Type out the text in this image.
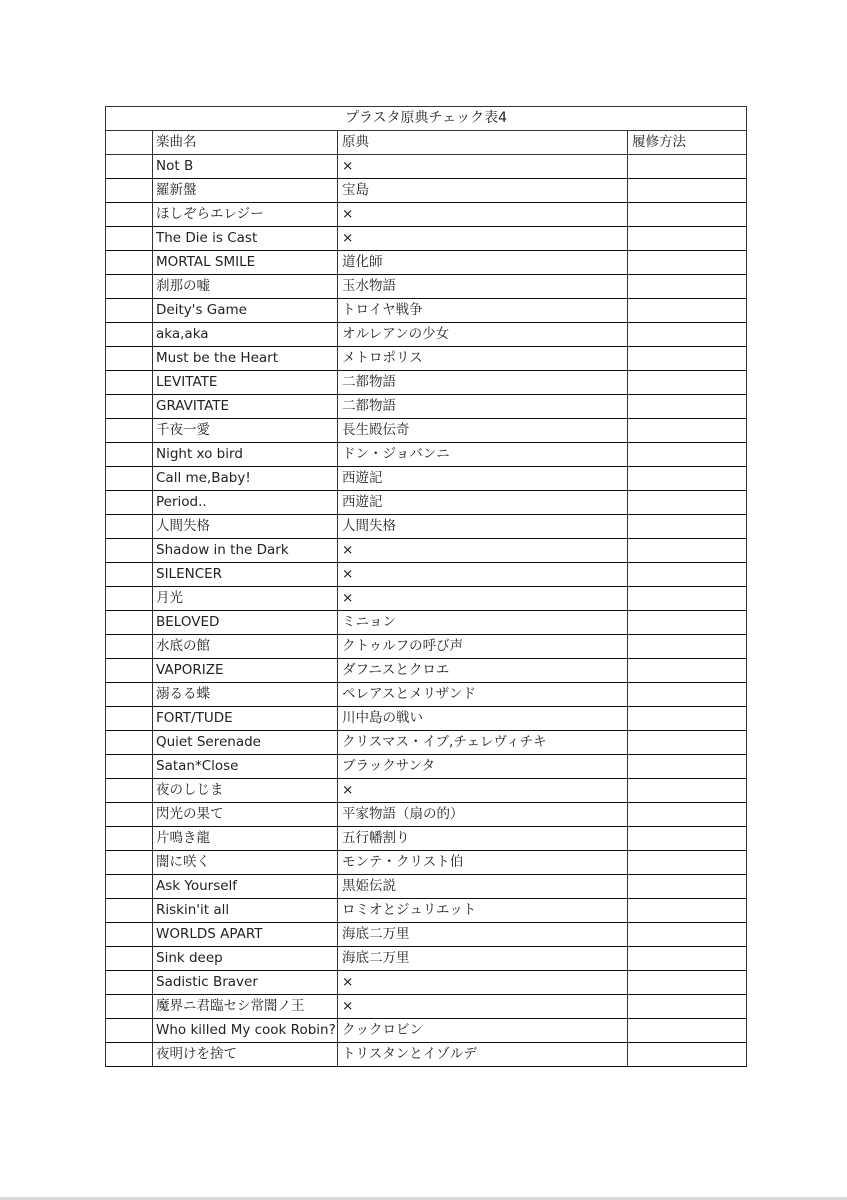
プラスタ原典チェック表4			
	楽曲名	原典	履修方法
	Not B	×	
	羅新盤	宝島	
	ほしぞらエレジー	×	
	The Die is Cast	×	
	MORTAL SMILE	道化師	
	刹那の嘘	玉水物語	
	Deity's Game	トロイヤ戦争	
	aka,aka	オルレアンの少女	
	Must be the Heart	メトロポリス	
	LEVITATE	二都物語	
	GRAVITATE	二都物語	
	千夜一愛	長生殿伝奇	
	Night xo bird	ドン・ジョバンニ	
	Call me,Baby!	西遊記	
	Period..	西遊記	
	人間失格	人間失格	
	Shadow in the Dark	×	
	SILENCER	×	
	月光	×	
	BELOVED	ミニョン	
	水底の館	クトゥルフの呼び声	
	VAPORIZE	ダフニスとクロエ	
	溺るる蝶	ペレアスとメリザンド	
	FORT/TUDE	川中島の戦い	
	Quiet Serenade	クリスマス・イブ,チェレヴィチキ	
	Satan*Close	ブラックサンタ	
	夜のしじま	×	
	閃光の果て	平家物語（扇の的）	
	片鳴き龍	五行幡割り	
	闇に咲く	モンテ・クリスト伯	
	Ask Yourself	黒姫伝説	
	Riskin'it all	ロミオとジュリエット	
	WORLDS APART	海底二万里	
	Sink deep	海底二万里	
	Sadistic Braver	×	
	魔界ニ君臨セシ常闇ノ王	×	
	Who killed My cook Robin?	クックロビン	
	夜明けを捨て	トリスタンとイゾルデ	
